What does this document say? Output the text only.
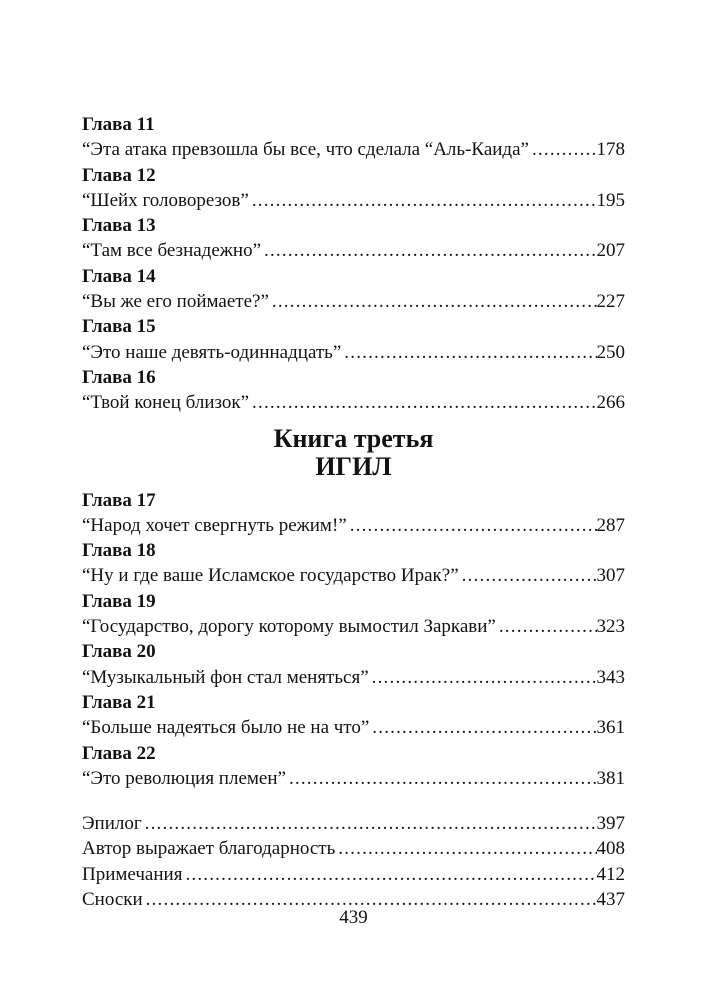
Глава 11
“Эта атака превзошла бы все, что сделала “Аль-Каида” .....	178
Глава 12
“Шейх головорезов” .....	195
Глава 13
“Там все безнадежно” .....	207
Глава 14
“Вы же его поймаете?” .....	227
Глава 15
“Это наше девять-одиннадцать” .....	250
Глава 16
“Твой конец близок” .....	266
Книга третья
ИГИЛ
Глава 17
“Народ хочет свергнуть режим!” .....	287
Глава 18
“Ну и где ваше Исламское государство Ирак?” .....	307
Глава 19
“Государство, дорогу которому вымостил Заркави” .....	323
Глава 20
“Музыкальный фон стал меняться” .....	343
Глава 21
“Больше надеяться было не на что” .....	361
Глава 22
“Это революция племен” .....	381
Эпилог .....	397
Автор выражает благодарность .....	408
Примечания .....	412
Сноски .....	437
439
